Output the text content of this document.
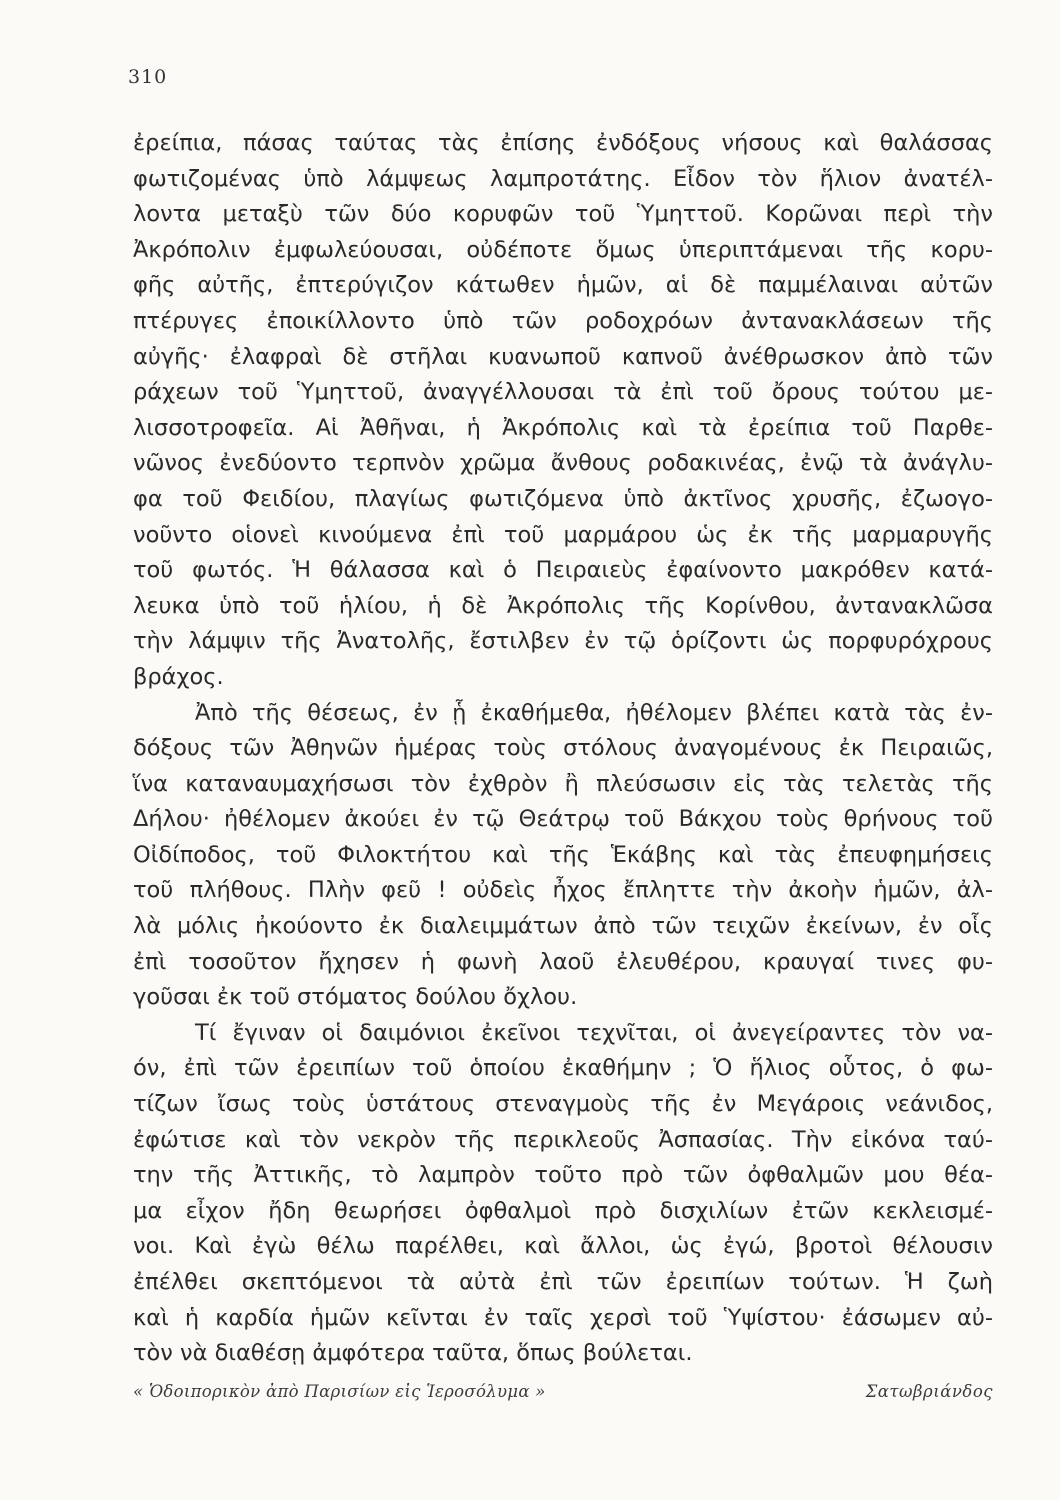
310
ἐρείπια, πάσας ταύτας τὰς ἐπίσης ἐνδόξους νήσους καὶ θαλάσσας
φωτιζομένας ὑπὸ λάμψεως λαμπροτάτης. Εἶδον τὸν ἥλιον ἀνατέλ-
λοντα μεταξὺ τῶν δύο κορυφῶν τοῦ Ὑμηττοῦ. Κορῶναι περὶ τὴν
Ἀκρόπολιν ἐμφωλεύουσαι, οὐδέποτε ὅμως ὑπεριπτάμεναι τῆς κορυ-
φῆς αὐτῆς, ἐπτερύγιζον κάτωθεν ἡμῶν, αἱ δὲ παμμέλαιναι αὐτῶν
πτέρυγες ἐποικίλλοντο ὑπὸ τῶν ροδοχρόων ἀντανακλάσεων τῆς
αὐγῆς· ἐλαφραὶ δὲ στῆλαι κυανωποῦ καπνοῦ ἀνέθρωσκον ἀπὸ τῶν
ράχεων τοῦ Ὑμηττοῦ, ἀναγγέλλουσαι τὰ ἐπὶ τοῦ ὄρους τούτου με-
λισσοτροφεῖα. Αἱ Ἀθῆναι, ἡ Ἀκρόπολις καὶ τὰ ἐρείπια τοῦ Παρθε-
νῶνος ἐνεδύοντο τερπνὸν χρῶμα ἄνθους ροδακινέας, ἐνῷ τὰ ἀνάγλυ-
φα τοῦ Φειδίου, πλαγίως φωτιζόμενα ὑπὸ ἀκτῖνος χρυσῆς, ἐζωογο-
νοῦντο οἱονεὶ κινούμενα ἐπὶ τοῦ μαρμάρου ὡς ἐκ τῆς μαρμαρυγῆς
τοῦ φωτός. Ἡ θάλασσα καὶ ὁ Πειραιεὺς ἐφαίνοντο μακρόθεν κατά-
λευκα ὑπὸ τοῦ ἡλίου, ἡ δὲ Ἀκρόπολις τῆς Κορίνθου, ἀντανακλῶσα
τὴν λάμψιν τῆς Ἀνατολῆς, ἔστιλβεν ἐν τῷ ὁρίζοντι ὡς πορφυρόχρους
βράχος.
Ἀπὸ τῆς θέσεως, ἐν ᾗ ἐκαθήμεθα, ἠθέλομεν βλέπει κατὰ τὰς ἐν-
δόξους τῶν Ἀθηνῶν ἡμέρας τοὺς στόλους ἀναγομένους ἐκ Πειραιῶς,
ἵνα καταναυμαχήσωσι τὸν ἐχθρὸν ἢ πλεύσωσιν εἰς τὰς τελετὰς τῆς
Δήλου· ἠθέλομεν ἀκούει ἐν τῷ Θεάτρῳ τοῦ Βάκχου τοὺς θρήνους τοῦ
Οἰδίποδος, τοῦ Φιλοκτήτου καὶ τῆς Ἑκάβης καὶ τὰς ἐπευφημήσεις
τοῦ πλήθους. Πλὴν φεῦ ! οὐδεὶς ἦχος ἔπληττε τὴν ἀκοὴν ἡμῶν, ἀλ-
λὰ μόλις ἠκούοντο ἐκ διαλειμμάτων ἀπὸ τῶν τειχῶν ἐκείνων, ἐν οἷς
ἐπὶ τοσοῦτον ἤχησεν ἡ φωνὴ λαοῦ ἐλευθέρου, κραυγαί τινες φυ-
γοῦσαι ἐκ τοῦ στόματος δούλου ὄχλου.
Τί ἔγιναν οἱ δαιμόνιοι ἐκεῖνοι τεχνῖται, οἱ ἀνεγείραντες τὸν να-
όν, ἐπὶ τῶν ἐρειπίων τοῦ ὁποίου ἐκαθήμην ; Ὁ ἥλιος οὗτος, ὁ φω-
τίζων ἴσως τοὺς ὑστάτους στεναγμοὺς τῆς ἐν Μεγάροις νεάνιδος,
ἐφώτισε καὶ τὸν νεκρὸν τῆς περικλεοῦς Ἀσπασίας. Τὴν εἰκόνα ταύ-
την τῆς Ἀττικῆς, τὸ λαμπρὸν τοῦτο πρὸ τῶν ὀφθαλμῶν μου θέα-
μα εἶχον ἤδη θεωρήσει ὀφθαλμοὶ πρὸ δισχιλίων ἐτῶν κεκλεισμέ-
νοι. Καὶ ἐγὼ θέλω παρέλθει, καὶ ἄλλοι, ὡς ἐγώ, βροτοὶ θέλουσιν
ἐπέλθει σκεπτόμενοι τὰ αὐτὰ ἐπὶ τῶν ἐρειπίων τούτων. Ἡ ζωὴ
καὶ ἡ καρδία ἡμῶν κεῖνται ἐν ταῖς χερσὶ τοῦ Ὑψίστου· ἐάσωμεν αὐ-
τὸν νὰ διαθέσῃ ἀμφότερα ταῦτα, ὅπως βούλεται.
« Ὁδοιπορικὸν ἀπὸ Παρισίων εἰς Ἱεροσόλυμα »	Σατωβριάνδος
